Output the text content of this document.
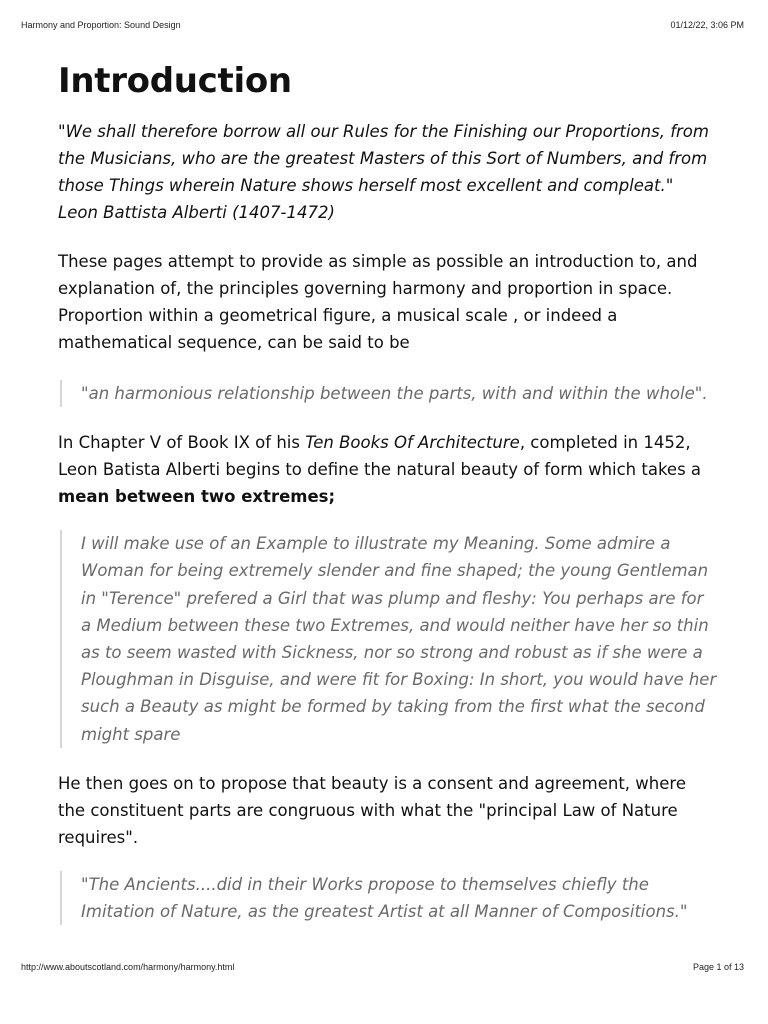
Harmony and Proportion: Sound Design	01/12/22, 3:06 PM
Introduction

"We shall therefore borrow all our Rules for the Finishing our Proportions, from the Musicians, who are the greatest Masters of this Sort of Numbers, and from those Things wherein Nature shows herself most excellent and compleat." Leon Battista Alberti (1407-1472)

These pages attempt to provide as simple as possible an introduction to, and explanation of, the principles governing harmony and proportion in space. Proportion within a geometrical figure, a musical scale , or indeed a mathematical sequence, can be said to be

"an harmonious relationship between the parts, with and within the whole".

In Chapter V of Book IX of his Ten Books Of Architecture, completed in 1452, Leon Batista Alberti begins to define the natural beauty of form which takes a mean between two extremes;

I will make use of an Example to illustrate my Meaning. Some admire a Woman for being extremely slender and fine shaped; the young Gentleman in "Terence" prefered a Girl that was plump and fleshy: You perhaps are for a Medium between these two Extremes, and would neither have her so thin as to seem wasted with Sickness, nor so strong and robust as if she were a Ploughman in Disguise, and were fit for Boxing: In short, you would have her such a Beauty as might be formed by taking from the first what the second might spare

He then goes on to propose that beauty is a consent and agreement, where the constituent parts are congruous with what the "principal Law of Nature requires".

"The Ancients....did in their Works propose to themselves chiefly the Imitation of Nature, as the greatest Artist at all Manner of Compositions."
http://www.aboutscotland.com/harmony/harmony.html	Page 1 of 13
